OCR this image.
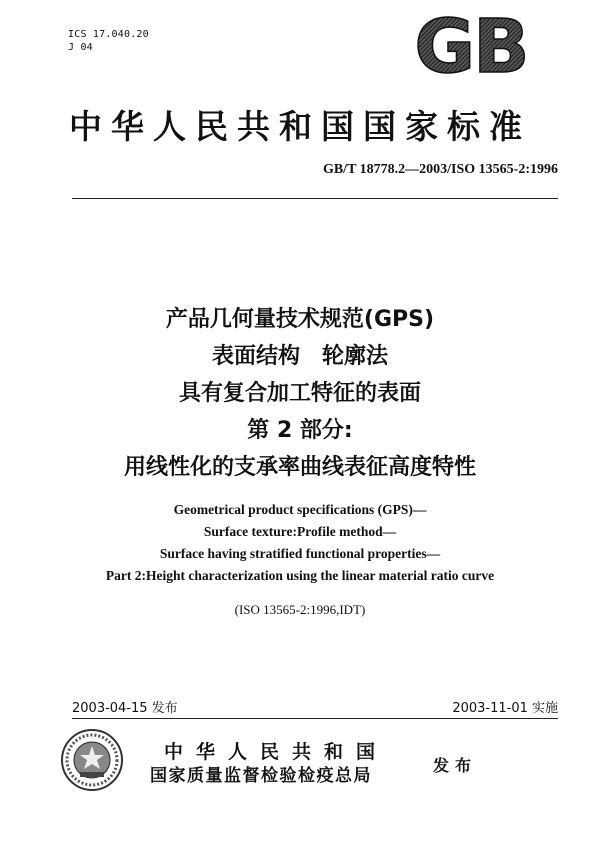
ICS 17.040.20
J 04	GB
中华人民共和国国家标准
GB/T 18778.2—2003/ISO 13565-2:1996
产品几何量技术规范(GPS)
表面结构　轮廓法
具有复合加工特征的表面
第 2 部分:
用线性化的支承率曲线表征高度特性
Geometrical product specifications (GPS)—
Surface texture:Profile method—
Surface having stratified functional properties—
Part 2:Height characterization using the linear material ratio curve
(ISO 13565-2:1996,IDT)
2003-04-15 发布	2003-11-01 实施
中华人民共和国
国家质量监督检验检疫总局
发布
